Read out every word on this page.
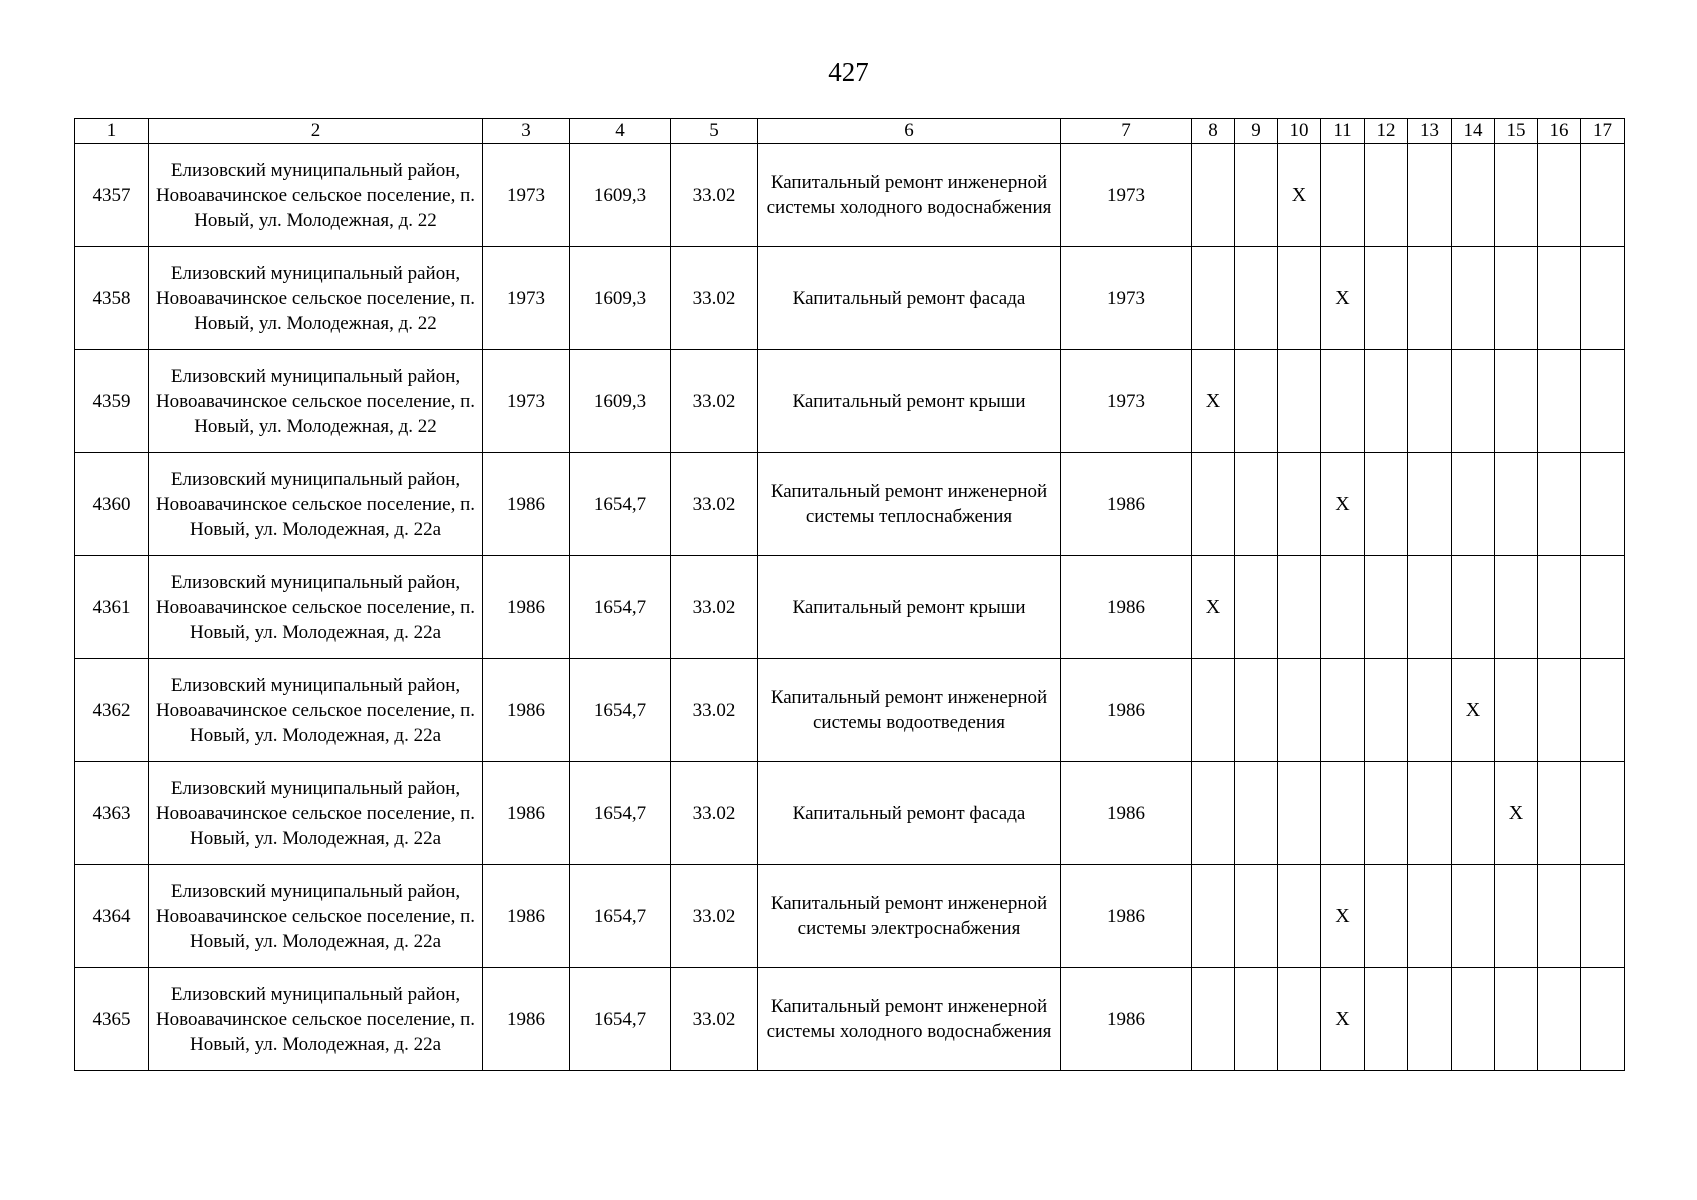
427
1	2	3	4	5	6	7	8	9	10	11	12	13	14	15	16	17
4357	Елизовский муниципальный район, Новоавачинское сельское поселение, п. Новый, ул. Молодежная, д. 22	1973	1609,3	33.02	Капитальный ремонт инженерной системы холодного водоснабжения	1973			X							
4358	Елизовский муниципальный район, Новоавачинское сельское поселение, п. Новый, ул. Молодежная, д. 22	1973	1609,3	33.02	Капитальный ремонт фасада	1973				X						
4359	Елизовский муниципальный район, Новоавачинское сельское поселение, п. Новый, ул. Молодежная, д. 22	1973	1609,3	33.02	Капитальный ремонт крыши	1973	X									
4360	Елизовский муниципальный район, Новоавачинское сельское поселение, п. Новый, ул. Молодежная, д. 22а	1986	1654,7	33.02	Капитальный ремонт инженерной системы теплоснабжения	1986				X						
4361	Елизовский муниципальный район, Новоавачинское сельское поселение, п. Новый, ул. Молодежная, д. 22а	1986	1654,7	33.02	Капитальный ремонт крыши	1986	X									
4362	Елизовский муниципальный район, Новоавачинское сельское поселение, п. Новый, ул. Молодежная, д. 22а	1986	1654,7	33.02	Капитальный ремонт инженерной системы водоотведения	1986							X			
4363	Елизовский муниципальный район, Новоавачинское сельское поселение, п. Новый, ул. Молодежная, д. 22а	1986	1654,7	33.02	Капитальный ремонт фасада	1986								X		
4364	Елизовский муниципальный район, Новоавачинское сельское поселение, п. Новый, ул. Молодежная, д. 22а	1986	1654,7	33.02	Капитальный ремонт инженерной системы электроснабжения	1986				X						
4365	Елизовский муниципальный район, Новоавачинское сельское поселение, п. Новый, ул. Молодежная, д. 22а	1986	1654,7	33.02	Капитальный ремонт инженерной системы холодного водоснабжения	1986				X						
